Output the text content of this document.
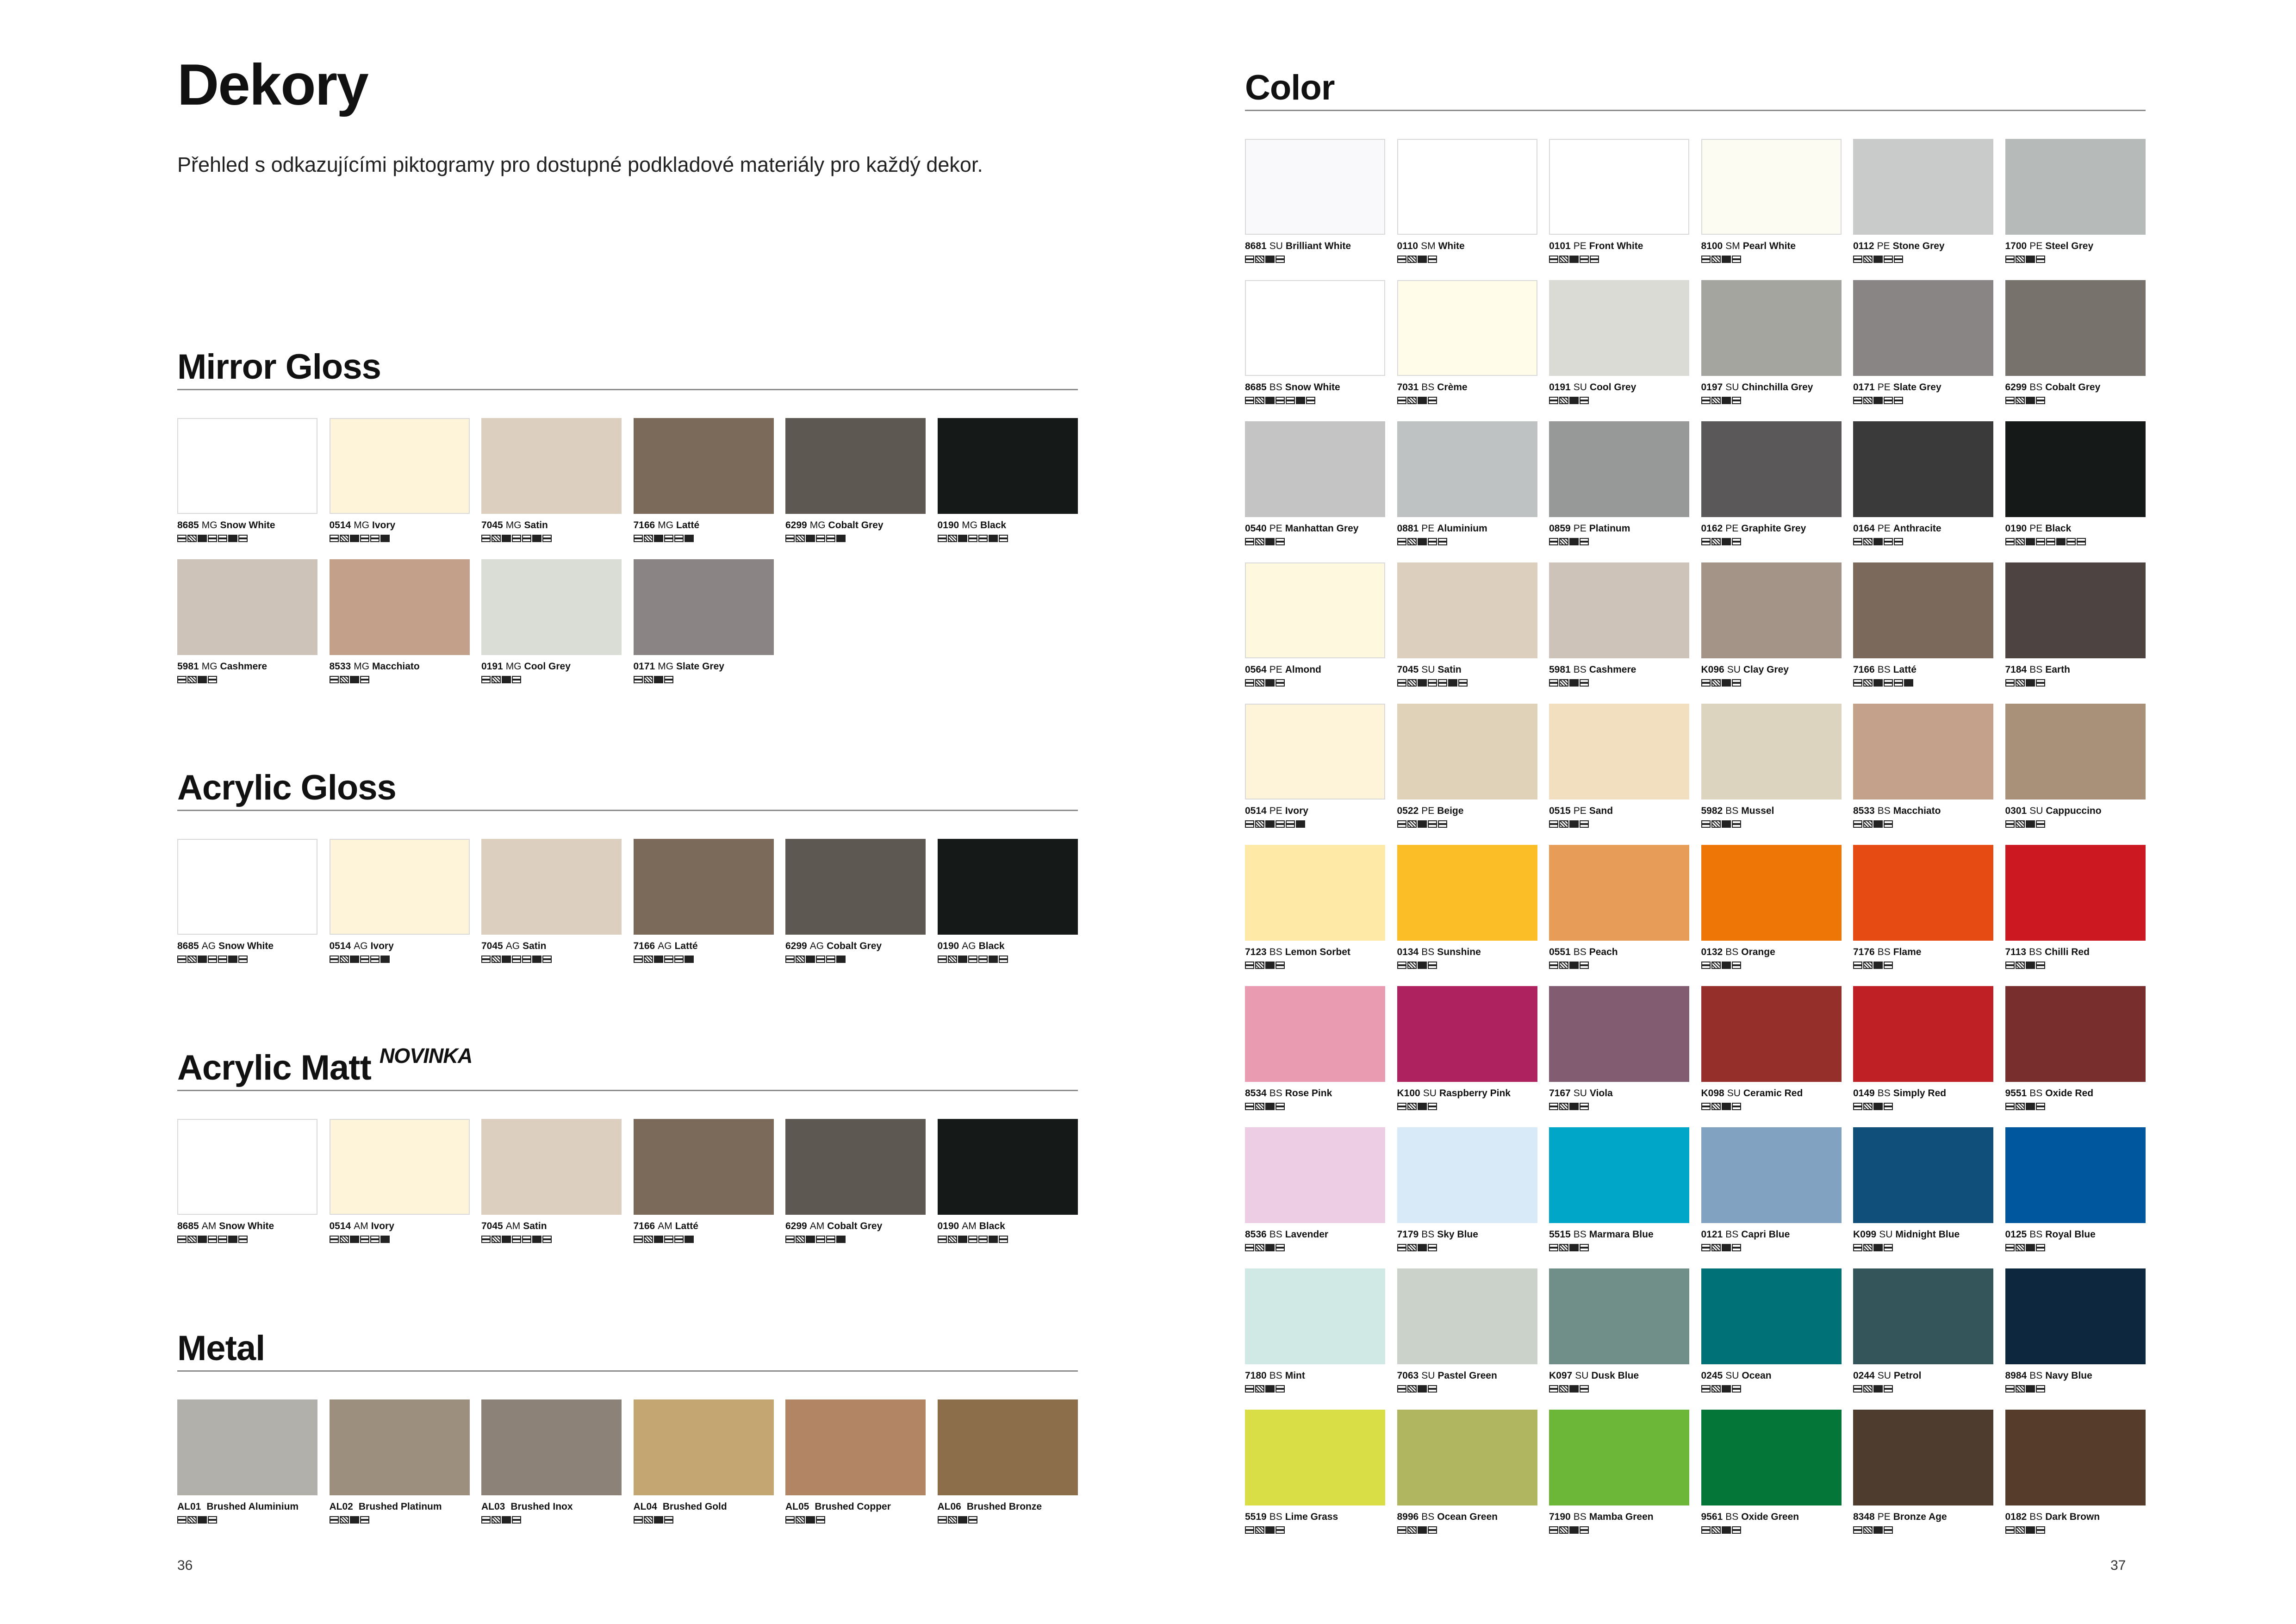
Dekory

Přehled s odkazujícími piktogramy pro dostupné podkladové materiály pro každý dekor.

Mirror Gloss
8685 MG Snow White	0514 MG Ivory	7045 MG Satin	7166 MG Latté	6299 MG Cobalt Grey	0190 MG Black
5981 MG Cashmere	8533 MG Macchiato	0191 MG Cool Grey	0171 MG Slate Grey
Acrylic Gloss
8685 AG Snow White	0514 AG Ivory	7045 AG Satin	7166 AG Latté	6299 AG Cobalt Grey	0190 AG Black
Acrylic Matt $^{NOVINKA}$
8685 AM Snow White	0514 AM Ivory	7045 AM Satin	7166 AM Latté	6299 AM Cobalt Grey	0190 AM Black
Metal
AL01 Brushed Aluminium	AL02 Brushed Platinum	AL03 Brushed Inox	AL04 Brushed Gold	AL05 Brushed Copper	AL06 Brushed Bronze
36
Color
8681 SU Brilliant White	0110 SM White	0101 PE Front White	8100 SM Pearl White	0112 PE Stone Grey	1700 PE Steel Grey
8685 BS Snow White	7031 BS Crème	0191 SU Cool Grey	0197 SU Chinchilla Grey	0171 PE Slate Grey	6299 BS Cobalt Grey
0540 PE Manhattan Grey	0881 PE Aluminium	0859 PE Platinum	0162 PE Graphite Grey	0164 PE Anthracite	0190 PE Black
0564 PE Almond	7045 SU Satin	5981 BS Cashmere	K096 SU Clay Grey	7166 BS Latté	7184 BS Earth
0514 PE Ivory	0522 PE Beige	0515 PE Sand	5982 BS Mussel	8533 BS Macchiato	0301 SU Cappuccino
7123 BS Lemon Sorbet	0134 BS Sunshine	0551 BS Peach	0132 BS Orange	7176 BS Flame	7113 BS Chilli Red
8534 BS Rose Pink	K100 SU Raspberry Pink	7167 SU Viola	K098 SU Ceramic Red	0149 BS Simply Red	9551 BS Oxide Red
8536 BS Lavender	7179 BS Sky Blue	5515 BS Marmara Blue	0121 BS Capri Blue	K099 SU Midnight Blue	0125 BS Royal Blue
7180 BS Mint	7063 SU Pastel Green	K097 SU Dusk Blue	0245 SU Ocean	0244 SU Petrol	8984 BS Navy Blue
5519 BS Lime Grass	8996 BS Ocean Green	7190 BS Mamba Green	9561 BS Oxide Green	8348 PE Bronze Age	0182 BS Dark Brown
37
